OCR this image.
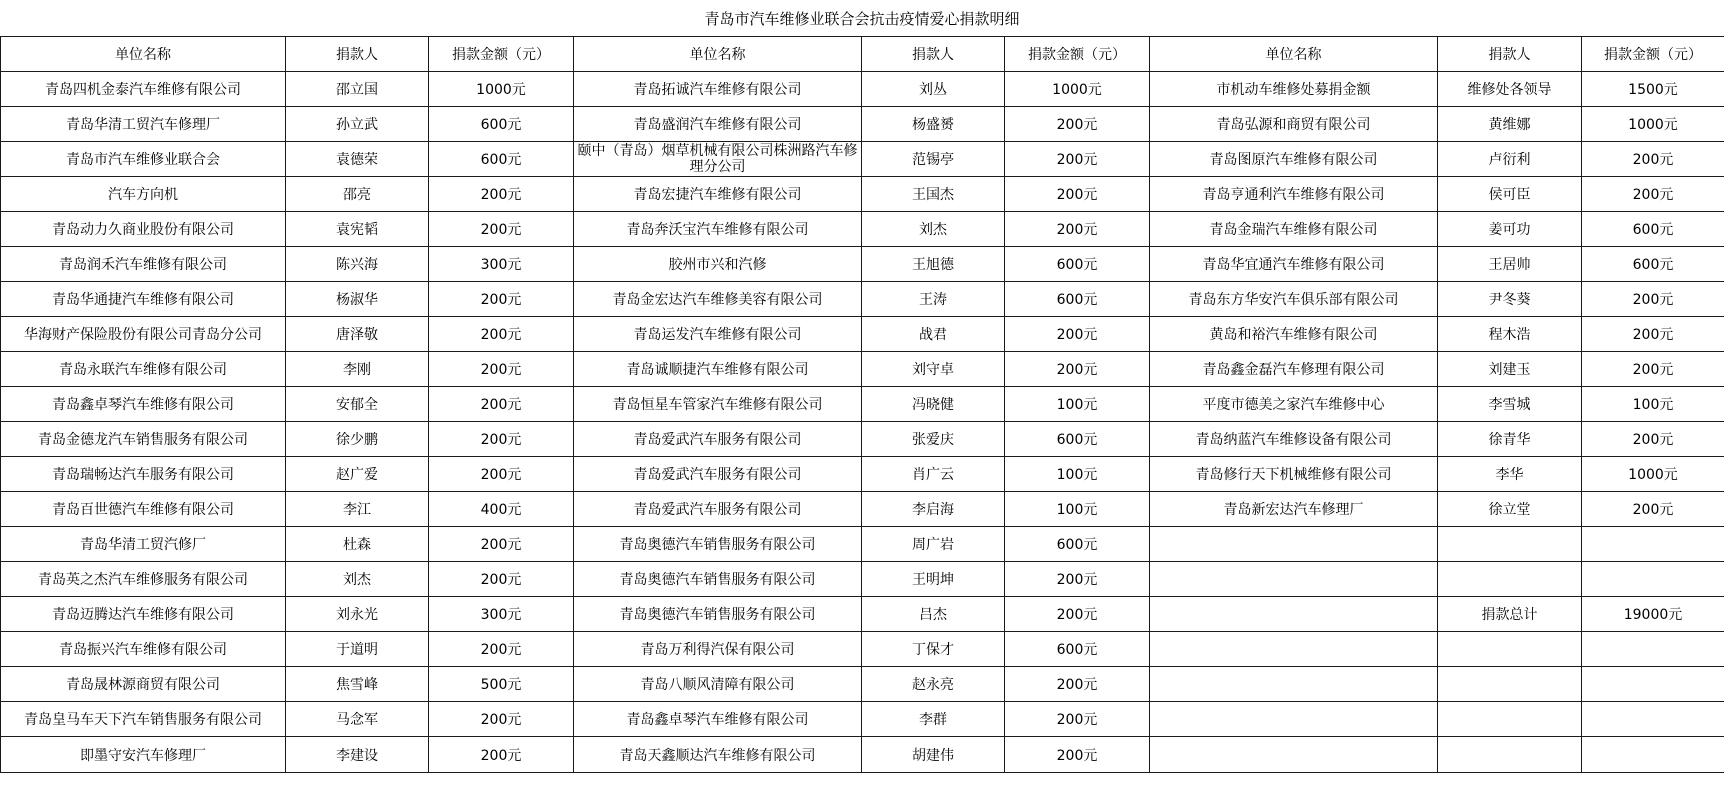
青岛市汽车维修业联合会抗击疫情爱心捐款明细
单位名称	捐款人	捐款金额（元）	单位名称	捐款人	捐款金额（元）	单位名称	捐款人	捐款金额（元）
青岛四机金泰汽车维修有限公司	邵立国	1000元	青岛拓诚汽车维修有限公司	刘丛	1000元	市机动车维修处募捐金额	维修处各领导	1500元
青岛华清工贸汽车修理厂	孙立武	600元	青岛盛润汽车维修有限公司	杨盛赟	200元	青岛弘源和商贸有限公司	黄维娜	1000元
青岛市汽车维修业联合会	袁德荣	600元	颐中（青岛）烟草机械有限公司株洲路汽车修理分公司	范锡亭	200元	青岛图原汽车维修有限公司	卢衍利	200元
汽车方向机	邵亮	200元	青岛宏捷汽车维修有限公司	王国杰	200元	青岛亨通利汽车维修有限公司	侯可臣	200元
青岛动力久商业股份有限公司	袁宪韬	200元	青岛奔沃宝汽车维修有限公司	刘杰	200元	青岛金瑞汽车维修有限公司	姜可功	600元
青岛润禾汽车维修有限公司	陈兴海	300元	胶州市兴和汽修	王旭德	600元	青岛华宜通汽车维修有限公司	王居帅	600元
青岛华通捷汽车维修有限公司	杨淑华	200元	青岛金宏达汽车维修美容有限公司	王涛	600元	青岛东方华安汽车俱乐部有限公司	尹冬葵	200元
华海财产保险股份有限公司青岛分公司	唐泽敬	200元	青岛运发汽车维修有限公司	战君	200元	黄岛和裕汽车维修有限公司	程木浩	200元
青岛永联汽车维修有限公司	李刚	200元	青岛诚顺捷汽车维修有限公司	刘守卓	200元	青岛鑫金磊汽车修理有限公司	刘建玉	200元
青岛鑫卓琴汽车维修有限公司	安郁全	200元	青岛恒星车管家汽车维修有限公司	冯晓健	100元	平度市德美之家汽车维修中心	李雪城	100元
青岛金德龙汽车销售服务有限公司	徐少鹏	200元	青岛爱武汽车服务有限公司	张爱庆	600元	青岛纳蓝汽车维修设备有限公司	徐青华	200元
青岛瑞畅达汽车服务有限公司	赵广爱	200元	青岛爱武汽车服务有限公司	肖广云	100元	青岛修行天下机械维修有限公司	李华	1000元
青岛百世德汽车维修有限公司	李江	400元	青岛爱武汽车服务有限公司	李启海	100元	青岛新宏达汽车修理厂	徐立堂	200元
青岛华清工贸汽修厂	杜森	200元	青岛奥德汽车销售服务有限公司	周广岩	600元			
青岛英之杰汽车维修服务有限公司	刘杰	200元	青岛奥德汽车销售服务有限公司	王明坤	200元			
青岛迈腾达汽车维修有限公司	刘永光	300元	青岛奥德汽车销售服务有限公司	吕杰	200元		捐款总计	19000元
青岛振兴汽车维修有限公司	于道明	200元	青岛万利得汽保有限公司	丁保才	600元			
青岛晟林源商贸有限公司	焦雪峰	500元	青岛八顺风清障有限公司	赵永亮	200元			
青岛皇马车天下汽车销售服务有限公司	马念军	200元	青岛鑫卓琴汽车维修有限公司	李群	200元			
即墨守安汽车修理厂	李建设	200元	青岛天鑫顺达汽车维修有限公司	胡建伟	200元			
